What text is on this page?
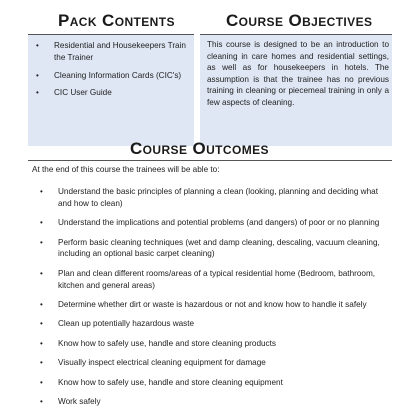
Pack Contents
• Residential and Housekeepers Train the Trainer
• Cleaning Information Cards (CIC's)
• CIC User Guide
Course Objectives

This course is designed to be an introduction to cleaning in care homes and residential settings, as well as for housekeepers in hotels. The assumption is that the trainee has no previous training in cleaning or piecemeal training in only a few aspects of cleaning.

Course Outcomes

At the end of this course the trainees will be able to:

• Understand the basic principles of planning a clean (looking, planning and deciding what and how to clean)
• Understand the implications and potential problems (and dangers) of poor or no planning
• Perform basic cleaning techniques (wet and damp cleaning, descaling, vacuum cleaning, including an optional basic carpet cleaning)
• Plan and clean different rooms/areas of a typical residential home (Bedroom, bathroom, kitchen and general areas)
• Determine whether dirt or waste is hazardous or not and know how to handle it safely
• Clean up potentially hazardous waste
• Know how to safely use, handle and store cleaning products
• Visually inspect electrical cleaning equipment for damage
• Know how to safely use, handle and store cleaning equipment
• Work safely
